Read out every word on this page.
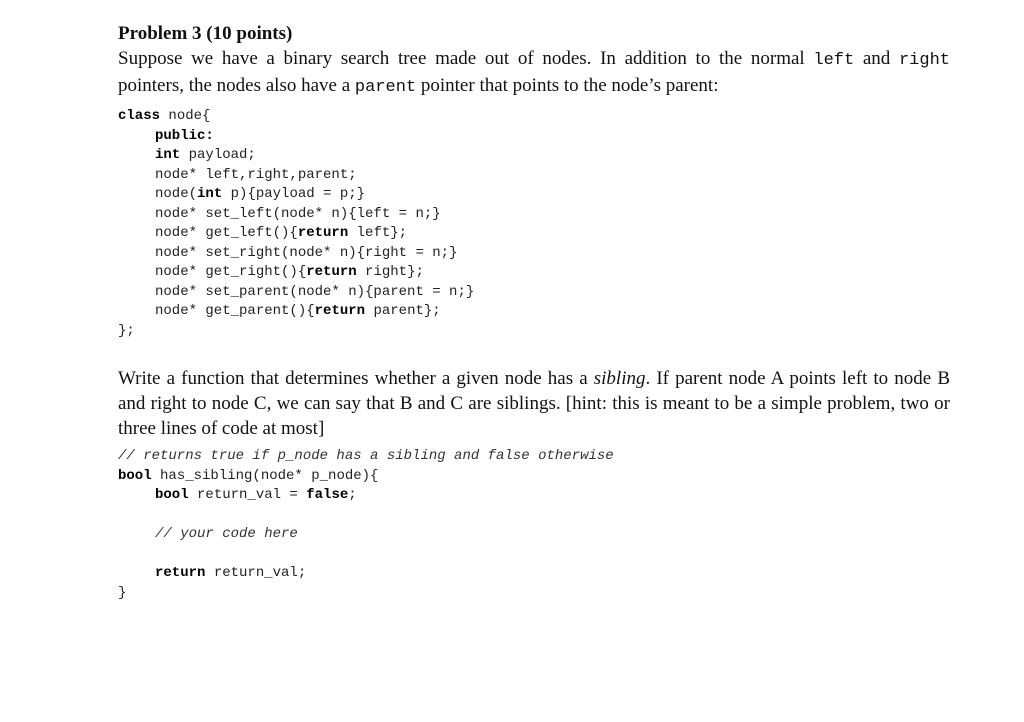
Problem 3 (10 points)

Suppose we have a binary search tree made out of nodes. In addition to the normal left and right pointers, the nodes also have a parent pointer that points to the node’s parent:

class node{
public:
int payload;
node* left,right,parent;
node(int p){payload = p;}
node* set_left(node* n){left = n;}
node* get_left(){return left};
node* set_right(node* n){right = n;}
node* get_right(){return right};
node* set_parent(node* n){parent = n;}
node* get_parent(){return parent};
};

Write a function that determines whether a given node has a sibling. If parent node A points left to node B and right to node C, we can say that B and C are siblings. [hint: this is meant to be a simple problem, two or three lines of code at most]

// returns true if p_node has a sibling and false otherwise
bool has_sibling(node* p_node){
bool return_val = false;
// your code here
return return_val;
}
